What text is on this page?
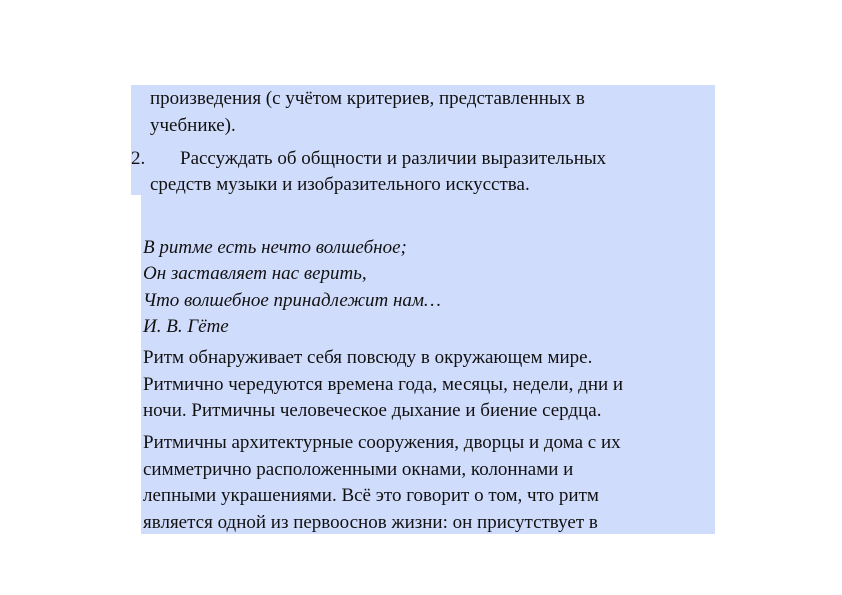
произведения (с учётом критериев, представленных в

учебнике).

2. Рассуждать об общности и различии выразительных

средств музыки и изобразительного искусства.

В ритме есть нечто волшебное;

Он заставляет нас верить,

Что волшебное принадлежит нам…

И. В. Гёте

Ритм обнаруживает себя повсюду в окружающем мире.

Ритмично чередуются времена года, месяцы, недели, дни и

ночи. Ритмичны человеческое дыхание и биение сердца.

Ритмичны архитектурные сооружения, дворцы и дома с их

симметрично расположенными окнами, колоннами и

лепными украшениями. Всё это говорит о том, что ритм

является одной из первооснов жизни: он присутствует в
